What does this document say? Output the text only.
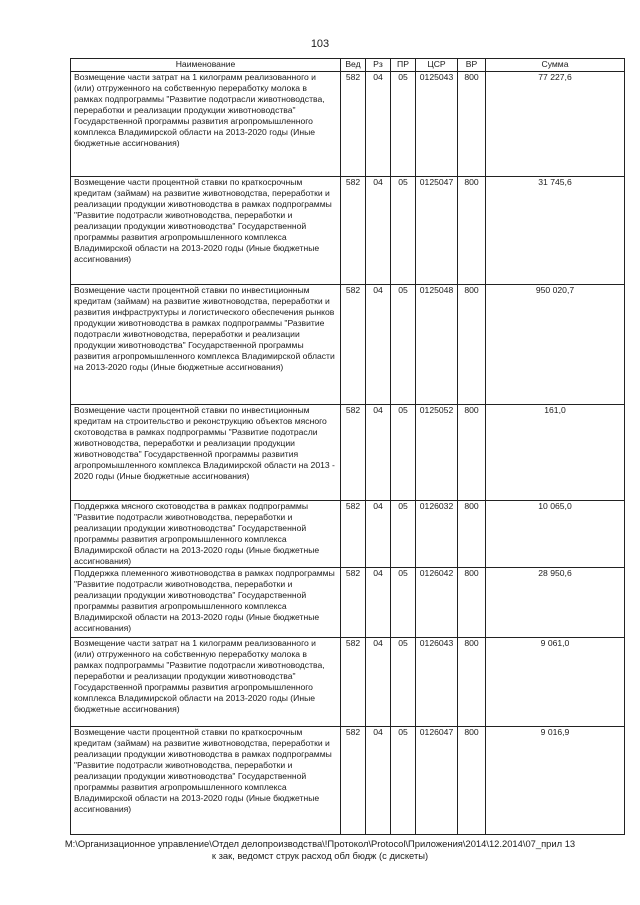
103
Наименование	Вед	Рз	ПР	ЦСР	ВР	Сумма
Возмещение части затрат на 1 килограмм реализованного и (или) отгруженного на собственную переработку молока в рамках подпрограммы "Развитие подотрасли животноводства, переработки и реализации продукции животноводства" Государственной программы развития агропромышленного комплекса Владимирской области на 2013-2020 годы (Иные бюджетные ассигнования)	582	04	05	0125043	800	77 227,6
Возмещение части процентной ставки по краткосрочным кредитам (займам) на развитие животноводства, переработки и реализации продукции животноводства в рамках подпрограммы "Развитие подотрасли животноводства, переработки и реализации продукции животноводства" Государственной программы развития агропромышленного комплекса Владимирской области на 2013-2020 годы (Иные бюджетные ассигнования)	582	04	05	0125047	800	31 745,6
Возмещение части процентной ставки по инвестиционным кредитам (займам) на развитие животноводства, переработки и развития инфраструктуры и логистического обеспечения рынков продукции животноводства в рамках подпрограммы "Развитие подотрасли животноводства, переработки и реализации продукции животноводства" Государственной программы развития агропромышленного комплекса Владимирской области на 2013-2020 годы (Иные бюджетные ассигнования)	582	04	05	0125048	800	950 020,7
Возмещение части процентной ставки по инвестиционным кредитам на строительство и реконструкцию объектов мясного скотоводства в рамках подпрограммы "Развитие подотрасли животноводства, переработки и реализации продукции животноводства" Государственной программы развития агропромышленного комплекса Владимирской области на 2013 - 2020 годы (Иные бюджетные ассигнования)	582	04	05	0125052	800	161,0
Поддержка мясного скотоводства в рамках подпрограммы "Развитие подотрасли животноводства, переработки и реализации продукции животноводства" Государственной программы развития агропромышленного комплекса Владимирской области на 2013-2020 годы (Иные бюджетные ассигнования)	582	04	05	0126032	800	10 065,0
Поддержка племенного животноводства в рамках подпрограммы "Развитие подотрасли животноводства, переработки и реализации продукции животноводства" Государственной программы развития агропромышленного комплекса Владимирской области на 2013-2020 годы (Иные бюджетные ассигнования)	582	04	05	0126042	800	28 950,6
Возмещение части затрат на 1 килограмм реализованного и (или) отгруженного на собственную переработку молока в рамках подпрограммы "Развитие подотрасли животноводства, переработки и реализации продукции животноводства" Государственной программы развития агропромышленного комплекса Владимирской области на 2013-2020 годы (Иные бюджетные ассигнования)	582	04	05	0126043	800	9 061,0
Возмещение части процентной ставки по краткосрочным кредитам (займам) на развитие животноводства, переработки и реализации продукции животноводства в рамках подпрограммы "Развитие подотрасли животноводства, переработки и реализации продукции животноводства" Государственной программы развития агропромышленного комплекса Владимирской области на 2013-2020 годы (Иные бюджетные ассигнования)	582	04	05	0126047	800	9 016,9
M:\Организационное управление\Отдел делопроизводства\!Протокол\Protocol\Приложения\2014\12.2014\07_прил 13
к зак, ведомст струк расход обл бюдж (с дискеты)
